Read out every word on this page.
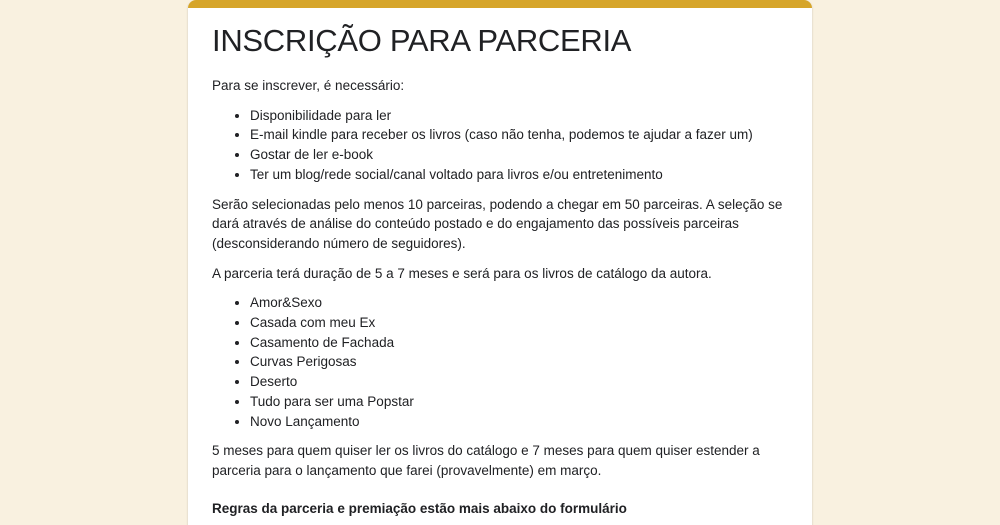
INSCRIÇÃO PARA PARCERIA

Para se inscrever, é necessário:

• Disponibilidade para ler
• E-mail kindle para receber os livros (caso não tenha, podemos te ajudar a fazer um)
• Gostar de ler e-book
• Ter um blog/rede social/canal voltado para livros e/ou entretenimento

Serão selecionadas pelo menos 10 parceiras, podendo a chegar em 50 parceiras. A seleção se dará através de análise do conteúdo postado e do engajamento das possíveis parceiras (desconsiderando número de seguidores).

A parceria terá duração de 5 a 7 meses e será para os livros de catálogo da autora.

• Amor&Sexo
• Casada com meu Ex
• Casamento de Fachada
• Curvas Perigosas
• Deserto
• Tudo para ser uma Popstar
• Novo Lançamento

5 meses para quem quiser ler os livros do catálogo e 7 meses para quem quiser estender a parceria para o lançamento que farei (provavelmente) em março.

Regras da parceria e premiação estão mais abaixo do formulário
